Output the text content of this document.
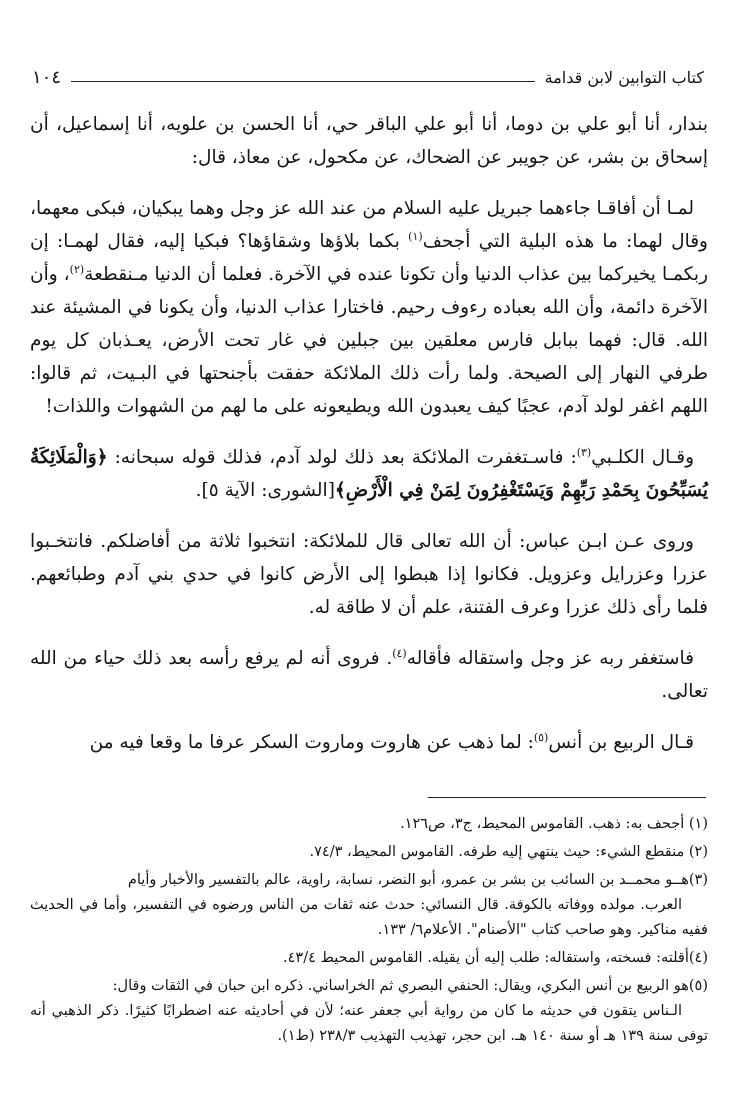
كتاب التوابين لابن قدامة
١٠٤

بندار، أنا أبو علي بن دوما، أنا أبو علي الباقر حي، أنا الحسن بن علويه، أنا إسماعيل، أن إسحاق بن بشر، عن جويبر عن الضحاك، عن مكحول، عن معاذ، قال:

لمـا أن أفاقـا جاءهما جبريل عليه السلام من عند الله عز وجل وهما يبكيان، فبكى معهما، وقال لهما: ما هذه البلية التي أجحف$^{(١)}$ بكما بلاؤها وشقاؤها؟ فبكيا إليه، فقال لهمـا: إن ربكمـا يخيركما بين عذاب الدنيا وأن تكونا عنده في الآخرة. فعلما أن الدنيا مـنقطعة$^{(٢)}$، وأن الآخرة دائمة، وأن الله بعباده رءوف رحيم. فاختارا عذاب الدنيا، وأن يكونا في المشيئة عند الله. قال: فهما ببابل فارس معلقين بين جبلين في غار تحت الأرض، يعـذبان كل يوم طرفي النهار إلى الصيحة. ولما رأت ذلك الملائكة حفقت بأجنحتها في البـيت، ثم قالوا: اللهم اغفر لولد آدم، عجبًا كيف يعبدون الله ويطيعونه على ما لهم من الشهوات واللذات!

وقـال الكلـبي$^{(٣)}$: فاسـتغفرت الملائكة بعد ذلك لولد آدم، فذلك قوله سبحانه: ﴿وَالْمَلَائِكَةُ يُسَبِّحُونَ بِحَمْدِ رَبِّهِمْ وَيَسْتَغْفِرُونَ لِمَنْ فِي الْأَرْضِ﴾[الشورى: الآية ٥].

وروى عـن ابـن عباس: أن الله تعالى قال للملائكة: انتخبوا ثلاثة من أفاضلكم. فانتخـبوا عزرا وعزرايل وعزويل. فكانوا إذا هبطوا إلى الأرض كانوا في حدي بني آدم وطبائعهم. فلما رأى ذلك عزرا وعرف الفتنة، علم أن لا طاقة له.

فاستغفر ربه عز وجل واستقاله فأقاله$^{(٤)}$. فروى أنه لم يرفع رأسه بعد ذلك حياء من الله تعالى.

قـال الربيع بن أنس$^{(٥)}$: لما ذهب عن هاروت وماروت السكر عرفا ما وقعا فيه من

(١) أجحف به: ذهب. القاموس المحيط، ج٣، ص١٢٦.

(٢) منقطع الشيء: حيث ينتهي إليه طرفه. القاموس المحيط، ٧٤/٣.

(٣)هــو محمــد بن السائب بن بشر بن عمرو، أبو النضر، نسابة، راوية، عالم بالتفسير والأخبار وأيام
العرب. مولده ووفاته بالكوفة. قال النسائي: حدث عنه ثقات من الناس ورضوه في التفسير، وأما في الحديث ففيه مناكير. وهو صاحب كتاب "الأصنام". الأعلام٦/ ١٣٣.

(٤)أقلته: فسخته، واستقاله: طلب إليه أن يقيله. القاموس المحيط ٤٣/٤.

(٥)هو الربيع بن أنس البكري، ويقال: الحنفي البصري ثم الخراساني. ذكره ابن حبان في الثقات وقال:
الـناس يتقون في حديثه ما كان من رواية أبي جعفر عنه؛ لأن في أحاديثه عنه اضطرابًا كثيرًا. ذكر الذهبي أنه توفى سنة ١٣٩ هـ أو سنة ١٤٠ هـ. ابن حجر، تهذيب التهذيب ٢٣٨/٣ (ط١).
